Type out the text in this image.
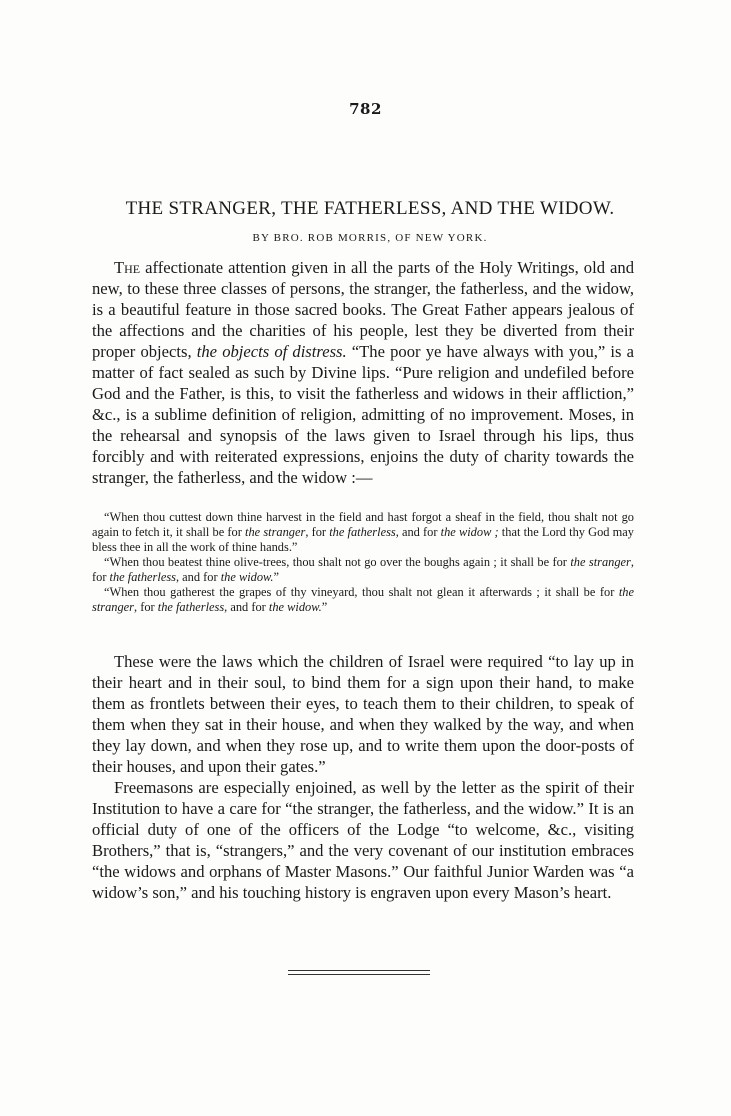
782
THE STRANGER, THE FATHERLESS, AND THE WIDOW.
BY BRO. ROB MORRIS, OF NEW YORK.

The affectionate attention given in all the parts of the Holy Writings, old and new, to these three classes of persons, the stranger, the fatherless, and the widow, is a beautiful feature in those sacred books. The Great Father appears jealous of the affections and the charities of his people, lest they be diverted from their proper objects, the objects of distress. “The poor ye have always with you,” is a matter of fact sealed as such by Divine lips. “Pure religion and undefiled before God and the Father, is this, to visit the fatherless and widows in their affliction,” &c., is a sublime definition of religion, admitting of no improvement. Moses, in the rehearsal and synopsis of the laws given to Israel through his lips, thus forcibly and with reiterated expressions, enjoins the duty of charity towards the stranger, the fatherless, and the widow :—

“When thou cuttest down thine harvest in the field and hast forgot a sheaf in the field, thou shalt not go again to fetch it, it shall be for the stranger, for the fatherless, and for the widow ; that the Lord thy God may bless thee in all the work of thine hands.”

“When thou beatest thine olive-trees, thou shalt not go over the boughs again ; it shall be for the stranger, for the fatherless, and for the widow.”

“When thou gatherest the grapes of thy vineyard, thou shalt not glean it afterwards ; it shall be for the stranger, for the fatherless, and for the widow.”

These were the laws which the children of Israel were required “to lay up in their heart and in their soul, to bind them for a sign upon their hand, to make them as frontlets between their eyes, to teach them to their children, to speak of them when they sat in their house, and when they walked by the way, and when they lay down, and when they rose up, and to write them upon the door-posts of their houses, and upon their gates.”

Freemasons are especially enjoined, as well by the letter as the spirit of their Institution to have a care for “the stranger, the fatherless, and the widow.” It is an official duty of one of the officers of the Lodge “to welcome, &c., visiting Brothers,” that is, “strangers,” and the very covenant of our institution embraces “the widows and orphans of Master Masons.” Our faithful Junior Warden was “a widow’s son,” and his touching history is engraven upon every Mason’s heart.
